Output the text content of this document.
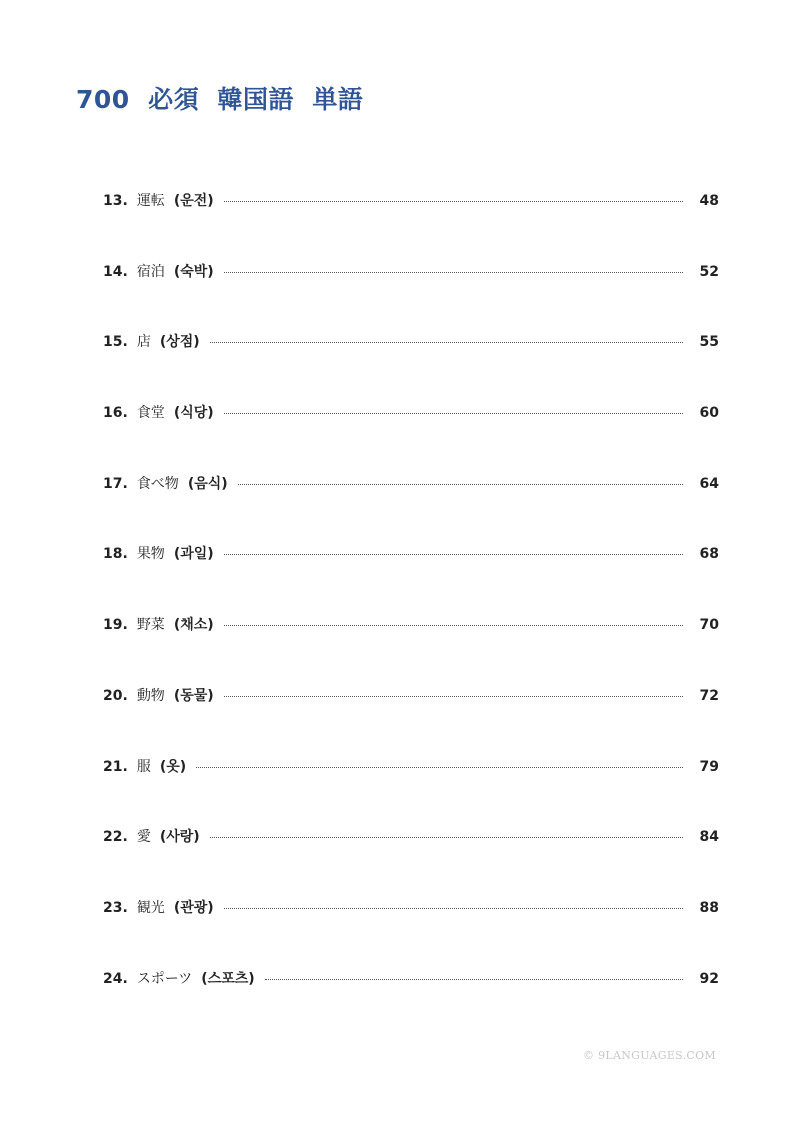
700  必須  韓国語  単語
13. 運転 (운전)	48
14. 宿泊 (숙박)	52
15. 店 (상점)	55
16. 食堂 (식당)	60
17. 食べ物 (음식)	64
18. 果物 (과일)	68
19. 野菜 (채소)	70
20. 動物 (동물)	72
21. 服 (옷)	79
22. 愛 (사랑)	84
23. 観光 (관광)	88
24. スポーツ (스포츠)	92
© 9LANGUAGES.COM
